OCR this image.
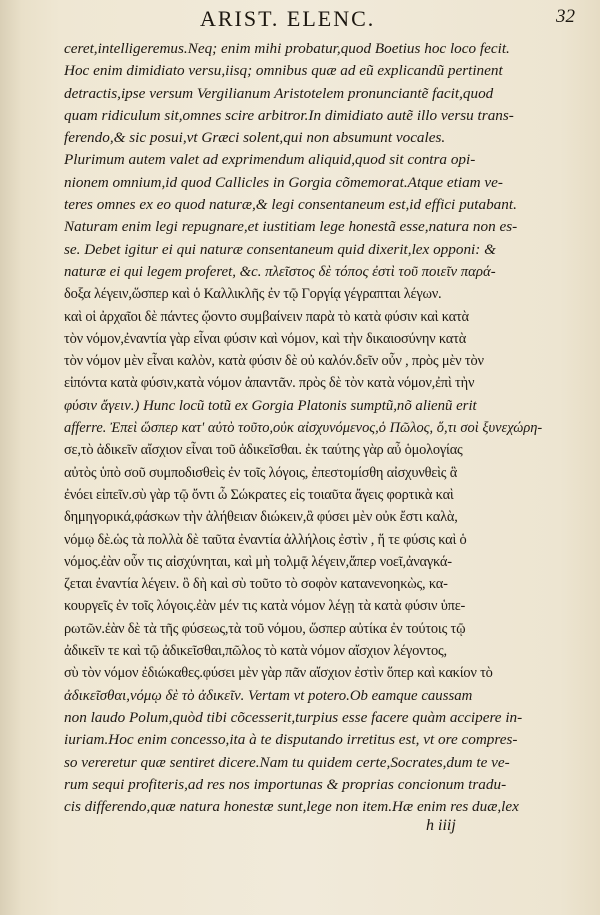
ARIST. ELENC.	32
ceret,intelligeremus.Neq; enim mihi probatur,quod Boetius hoc loco fecit.
Hoc enim dimidiato versu,iisq; omnibus quæ ad eũ explicandũ pertinent
detractis,ipse versum Vergilianum Aristotelem pronunciantẽ facit,quod
quam ridiculum sit,omnes scire arbitror.In dimidiato autẽ illo versu trans-
ferendo,& sic posui,vt Græci solent,qui non absumunt vocales.
Plurimum autem valet ad exprimendum aliquid,quod sit contra opi-
nionem omnium,id quod Callicles in Gorgia cõmemorat.Atque etiam ve-
teres omnes ex eo quod naturæ,& legi consentaneum est,id effici putabant.
Naturam enim legi repugnare,et iustitiam lege honestã esse,natura non es-
se. Debet igitur ei qui naturæ consentaneum quid dixerit,lex opponi: &
naturæ ei qui legem proferet, &c. πλεῖστος δὲ τόπος ἐστὶ τοῦ ποιεῖν παρά-
δοξα λέγειν,ὥσπερ καὶ ὁ Καλλικλῆς ἐν τῷ Γοργίᾳ γέγραπται λέγων.
καὶ οἱ ἀρχαῖοι δὲ πάντες ᾤοντο συμβαίνειν παρὰ τὸ κατὰ φύσιν καὶ κατὰ
τὸν νόμον,ἐναντία γὰρ εἶναι φύσιν καὶ νόμον, καὶ τὴν δικαιοσύνην κατὰ
τὸν νόμον μὲν εἶναι καλὸν, κατὰ φύσιν δὲ οὐ καλόν.δεῖν οὖν , πρὸς μὲν τὸν
εἰπόντα κατὰ φύσιν,κατὰ νόμον ἀπαντᾶν. πρὸς δὲ τὸν κατὰ νόμον,ἐπὶ τὴν
φύσιν ἄγειν.) Hunc locũ totũ ex Gorgia Platonis sumptũ,nõ alienũ erit
afferre. Ἐπεὶ ὥσπερ κατ' αὐτὸ τοῦτο,οὐκ αἰσχυνόμενος,ὁ Πῶλος, ὅ,τι σοὶ ξυνεχώρη-
σε,τὸ ἀδικεῖν αἴσχιον εἶναι τοῦ ἀδικεῖσθαι. ἐκ ταύτης γὰρ αὖ ὁμολογίας
αὐτὸς ὑπὸ σοῦ συμποδισθεὶς ἐν τοῖς λόγοις, ἐπεστομίσθη αἰσχυνθεὶς ἃ
ἐνόει εἰπεῖν.σὺ γὰρ τῷ ὄντι ὦ Σώκρατες εἰς τοιαῦτα ἄγεις φορτικὰ καὶ
δημηγορικά,φάσκων τὴν ἀλήθειαν διώκειν,ἃ φύσει μὲν οὐκ ἔστι καλὰ,
νόμῳ δὲ.ὡς τὰ πολλὰ δὲ ταῦτα ἐναντία ἀλλήλοις ἐστὶν , ἥ τε φύσις καὶ ὁ
νόμος.ἐὰν οὖν τις αἰσχύνηται, καὶ μὴ τολμᾷ λέγειν,ἅπερ νοεῖ,ἀναγκά-
ζεται ἐναντία λέγειν. ὃ δὴ καὶ σὺ τοῦτο τὸ σοφὸν κατανενοηκὼς, κα-
κουργεῖς ἐν τοῖς λόγοις.ἐὰν μέν τις κατὰ νόμον λέγῃ τὰ κατὰ φύσιν ὑπε-
ρωτῶν.ἐὰν δὲ τὰ τῆς φύσεως,τὰ τοῦ νόμου, ὥσπερ αὐτίκα ἐν τούτοις τῷ
ἀδικεῖν τε καὶ τῷ ἀδικεῖσθαι,πῶλος τὸ κατὰ νόμον αἴσχιον λέγοντος,
σὺ τὸν νόμον ἐδιώκαθες.φύσει μὲν γὰρ πᾶν αἴσχιον ἐστὶν ὅπερ καὶ κακίον τὸ
ἀδικεῖσθαι,νόμῳ δὲ τὸ ἀδικεῖν. Vertam vt potero.Ob eamque caussam
non laudo Polum,quòd tibi cõcesserit,turpius esse facere quàm accipere in-
iuriam.Hoc enim concesso,ita à te disputando irretitus est, vt ore compres-
so vereretur quæ sentiret dicere.Nam tu quidem certe,Socrates,dum te ve-
rum sequi profiteris,ad res nos importunas & proprias concionum tradu-
cis differendo,quæ natura honestæ sunt,lege non item.Hæ enim res duæ,lex
h iiij
